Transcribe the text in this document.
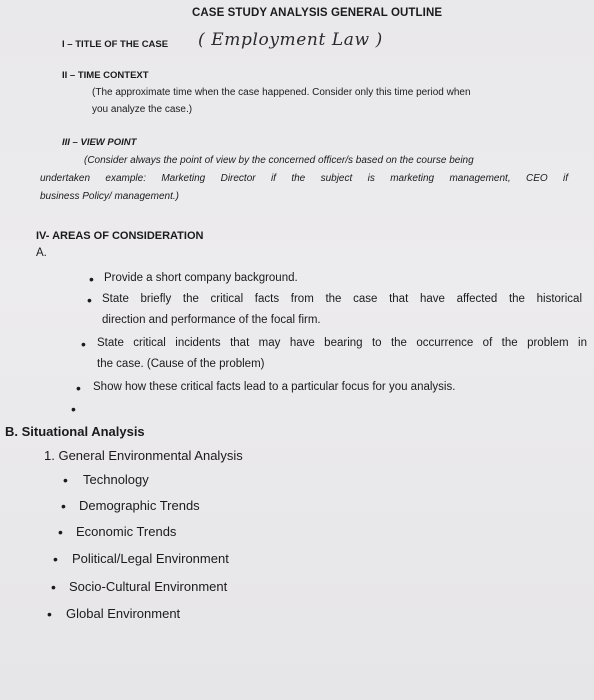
CASE STUDY ANALYSIS GENERAL OUTLINE
I – TITLE OF THE CASE ( Employment Law )
II – TIME CONTEXT
(The approximate time when the case happened. Consider only this time period when
you analyze the case.)
III – VIEW POINT
(Consider always the point of view by the concerned officer/s based on the course being
undertaken example: Marketing Director if the subject is marketing management, CEO if
business Policy/ management.)
IV- AREAS OF CONSIDERATION
A.
• Provide a short company background.
• State briefly the critical facts from the case that have affected the historical
direction and performance of the focal firm.
• State critical incidents that may have bearing to the occurrence of the problem in
the case. (Cause of the problem)
• Show how these critical facts lead to a particular focus for you analysis.
•
B. Situational Analysis
1. General Environmental Analysis
• Technology
• Demographic Trends
• Economic Trends
• Political/Legal Environment
• Socio-Cultural Environment
• Global Environment
